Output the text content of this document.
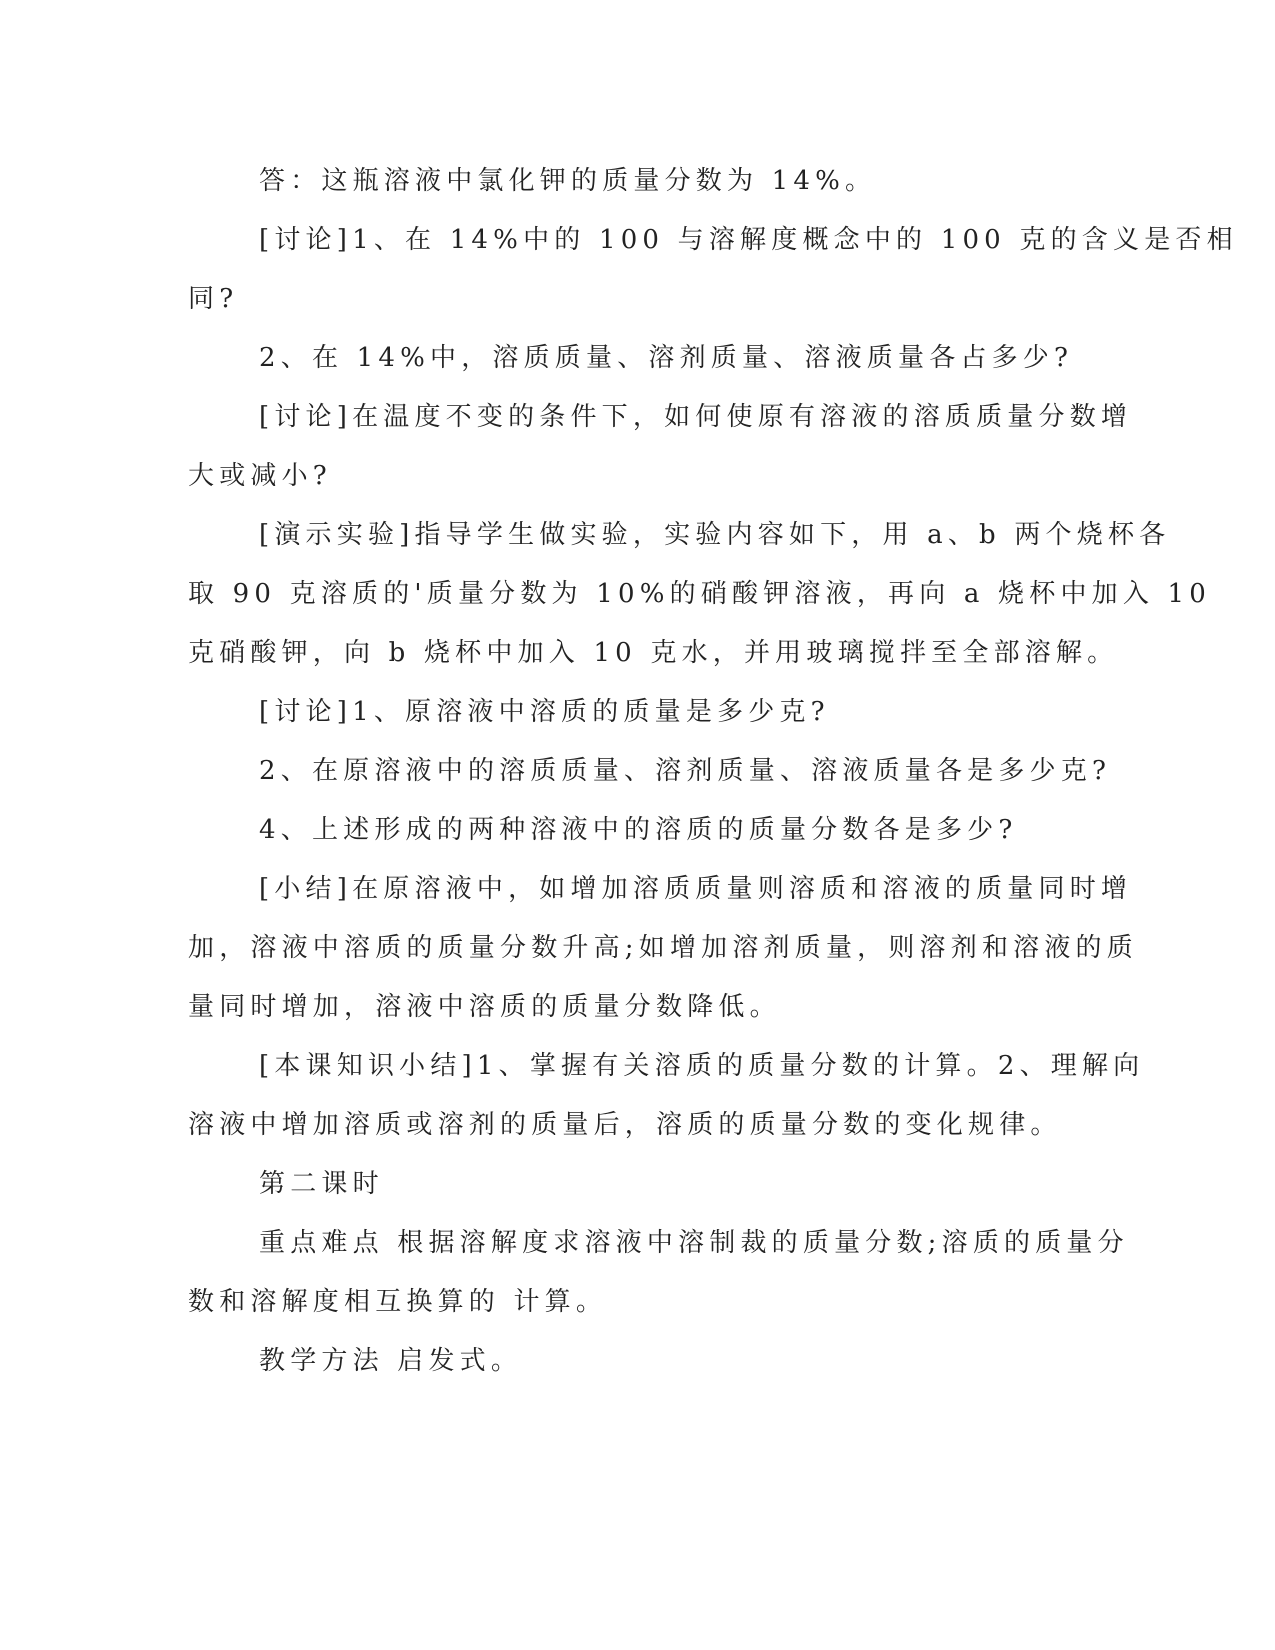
答：这瓶溶液中氯化钾的质量分数为 14%。
[讨论]1、在 14%中的 100 与溶解度概念中的 100 克的含义是否相
同?
2、在 14%中，溶质质量、溶剂质量、溶液质量各占多少?
[讨论]在温度不变的条件下，如何使原有溶液的溶质质量分数增
大或减小?
[演示实验]指导学生做实验，实验内容如下，用 a、b 两个烧杯各
取 90 克溶质的'质量分数为 10%的硝酸钾溶液，再向 a 烧杯中加入 10
克硝酸钾，向 b 烧杯中加入 10 克水，并用玻璃搅拌至全部溶解。
[讨论]1、原溶液中溶质的质量是多少克?
2、在原溶液中的溶质质量、溶剂质量、溶液质量各是多少克?
4、上述形成的两种溶液中的溶质的质量分数各是多少?
[小结]在原溶液中，如增加溶质质量则溶质和溶液的质量同时增
加，溶液中溶质的质量分数升高;如增加溶剂质量，则溶剂和溶液的质
量同时增加，溶液中溶质的质量分数降低。
[本课知识小结]1、掌握有关溶质的质量分数的计算。2、理解向
溶液中增加溶质或溶剂的质量后，溶质的质量分数的变化规律。
第二课时
重点难点 根据溶解度求溶液中溶制裁的质量分数;溶质的质量分
数和溶解度相互换算的 计算。
教学方法 启发式。
